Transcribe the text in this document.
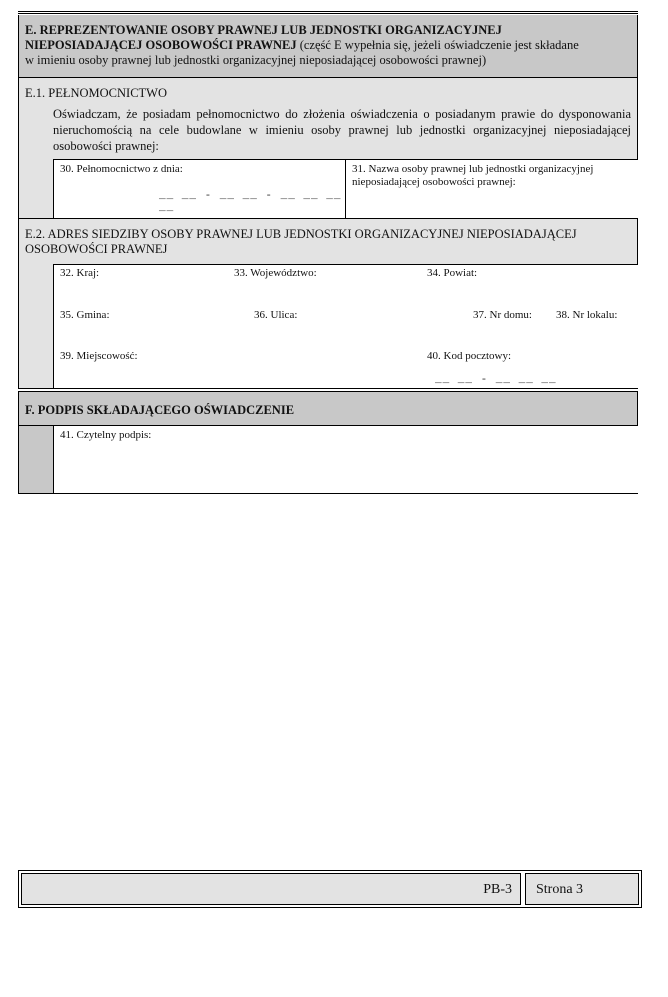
E. REPREZENTOWANIE OSOBY PRAWNEJ LUB JEDNOSTKI ORGANIZACYJNEJ
NIEPOSIADAJĄCEJ OSOBOWOŚCI PRAWNEJ (część E wypełnia się, jeżeli oświadczenie jest składane
w imieniu osoby prawnej lub jednostki organizacyjnej nieposiadającej osobowości prawnej)
E.1. PEŁNOMOCNICTWO
Oświadczam, że posiadam pełnomocnictwo do złożenia oświadczenia o posiadanym prawie do dysponowania nieruchomością na cele budowlane w imieniu osoby prawnej lub jednostki organizacyjnej nieposiadającej osobowości prawnej:
30. Pełnomocnictwo z dnia:
__ __ - __ __ - __ __ __ __
31. Nazwa osoby prawnej lub jednostki organizacyjnej nieposiadającej osobowości prawnej:
E.2. ADRES SIEDZIBY OSOBY PRAWNEJ LUB JEDNOSTKI ORGANIZACYJNEJ NIEPOSIADAJĄCEJ OSOBOWOŚCI PRAWNEJ
32. Kraj:	33. Województwo:	34. Powiat:
35. Gmina:	36. Ulica:	37. Nr domu: 38. Nr lokalu:
39. Miejscowość:	40. Kod pocztowy:
__ __ - __ __ __
F. PODPIS SKŁADAJĄCEGO OŚWIADCZENIE
41. Czytelny podpis:
PB-3 Strona 3
